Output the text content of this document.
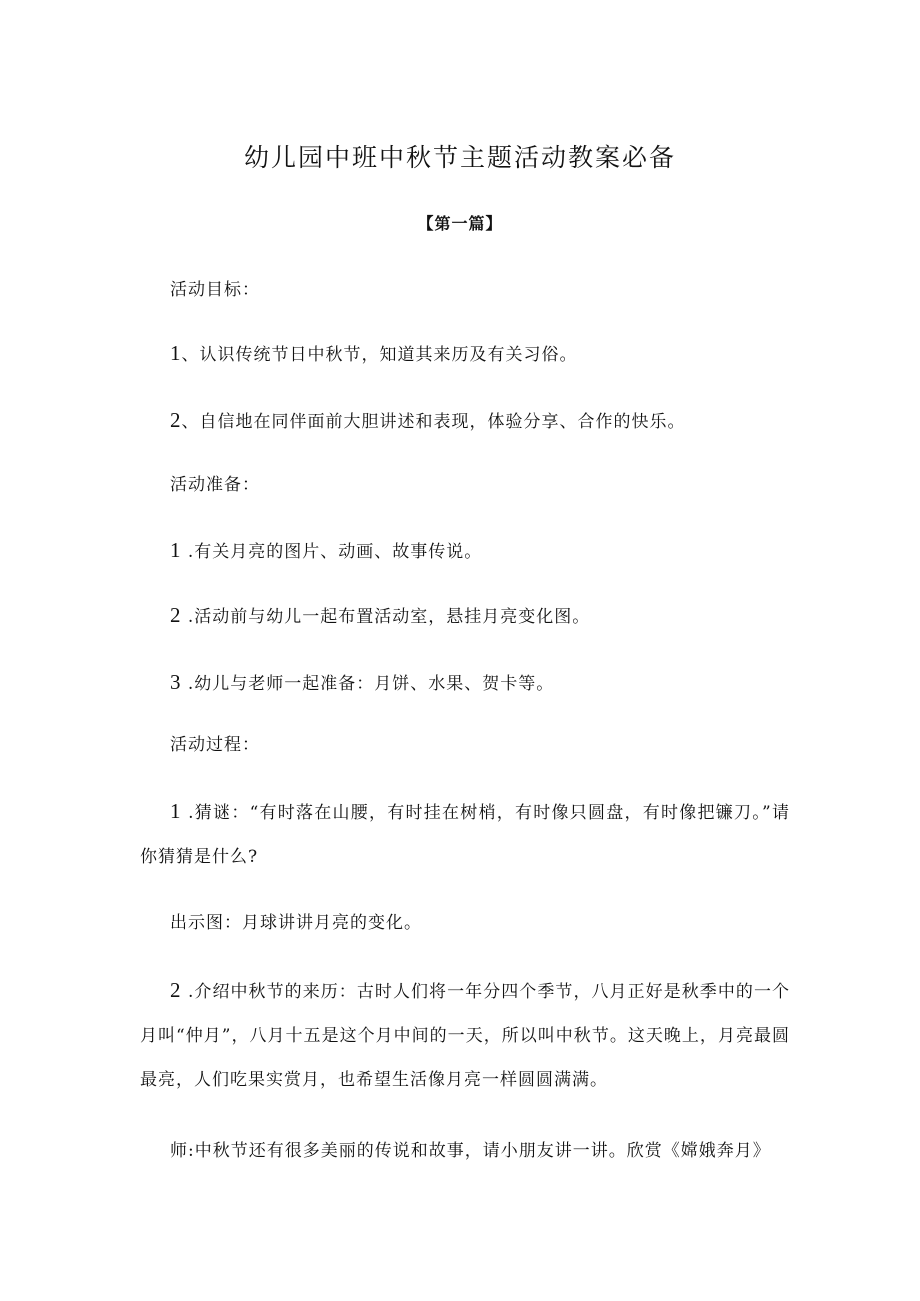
幼儿园中班中秋节主题活动教案必备
【第一篇】
活动目标：
1、认识传统节日中秋节，知道其来历及有关习俗。
2、自信地在同伴面前大胆讲述和表现，体验分享、合作的快乐。
活动准备：
1 .有关月亮的图片、动画、故事传说。
2 .活动前与幼儿一起布置活动室，悬挂月亮变化图。
3 .幼儿与老师一起准备：月饼、水果、贺卡等。
活动过程：
1 .猜谜：“有时落在山腰，有时挂在树梢，有时像只圆盘，有时像把镰刀。”请你猜猜是什么?
出示图：月球讲讲月亮的变化。
2 .介绍中秋节的来历：古时人们将一年分四个季节，八月正好是秋季中的一个月叫“仲月”，八月十五是这个月中间的一天，所以叫中秋节。这天晚上，月亮最圆最亮，人们吃果实赏月，也希望生活像月亮一样圆圆满满。
师:中秋节还有很多美丽的传说和故事，请小朋友讲一讲。欣赏《嫦娥奔月》
